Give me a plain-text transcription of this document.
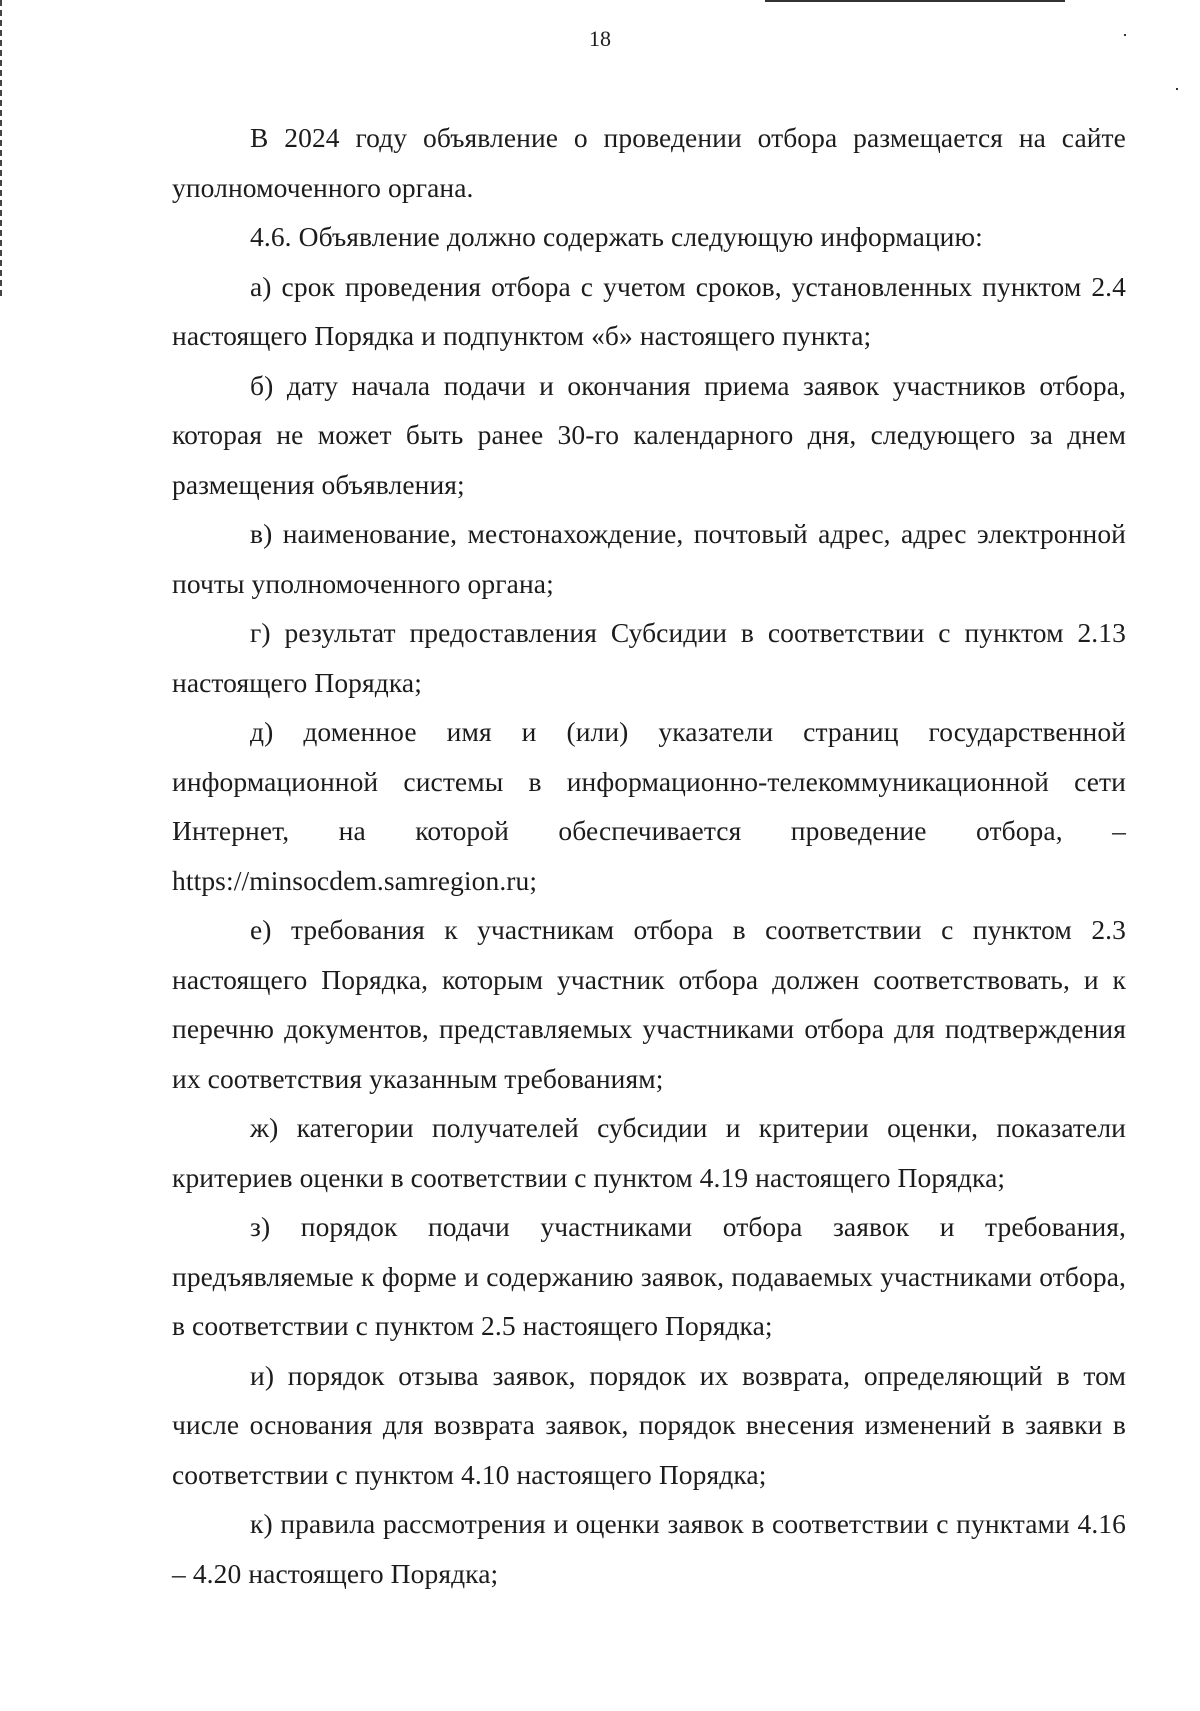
18

В 2024 году объявление о проведении отбора размещается на сайте уполномоченного органа.

4.6. Объявление должно содержать следующую информацию:

а) срок проведения отбора с учетом сроков, установленных пунктом 2.4 настоящего Порядка и подпунктом «б» настоящего пункта;

б) дату начала подачи и окончания приема заявок участников отбора, которая не может быть ранее 30-го календарного дня, следующего за днем размещения объявления;

в) наименование, местонахождение, почтовый адрес, адрес электронной почты уполномоченного органа;

г) результат предоставления Субсидии в соответствии с пунктом 2.13 настоящего Порядка;

д) доменное имя и (или) указатели страниц государственной информационной системы в информационно-телекоммуникационной сети Интернет, на которой обеспечивается проведение отбора, – https://minsocdem.samregion.ru;

е) требования к участникам отбора в соответствии с пунктом 2.3 настоящего Порядка, которым участник отбора должен соответствовать, и к перечню документов, представляемых участниками отбора для подтверждения их соответствия указанным требованиям;

ж) категории получателей субсидии и критерии оценки, показатели критериев оценки в соответствии с пунктом 4.19 настоящего Порядка;

з) порядок подачи участниками отбора заявок и требования, предъявляемые к форме и содержанию заявок, подаваемых участниками отбора, в соответствии с пунктом 2.5 настоящего Порядка;

и) порядок отзыва заявок, порядок их возврата, определяющий в том числе основания для возврата заявок, порядок внесения изменений в заявки в соответствии с пунктом 4.10 настоящего Порядка;

к) правила рассмотрения и оценки заявок в соответствии с пунктами 4.16 – 4.20 настоящего Порядка;
